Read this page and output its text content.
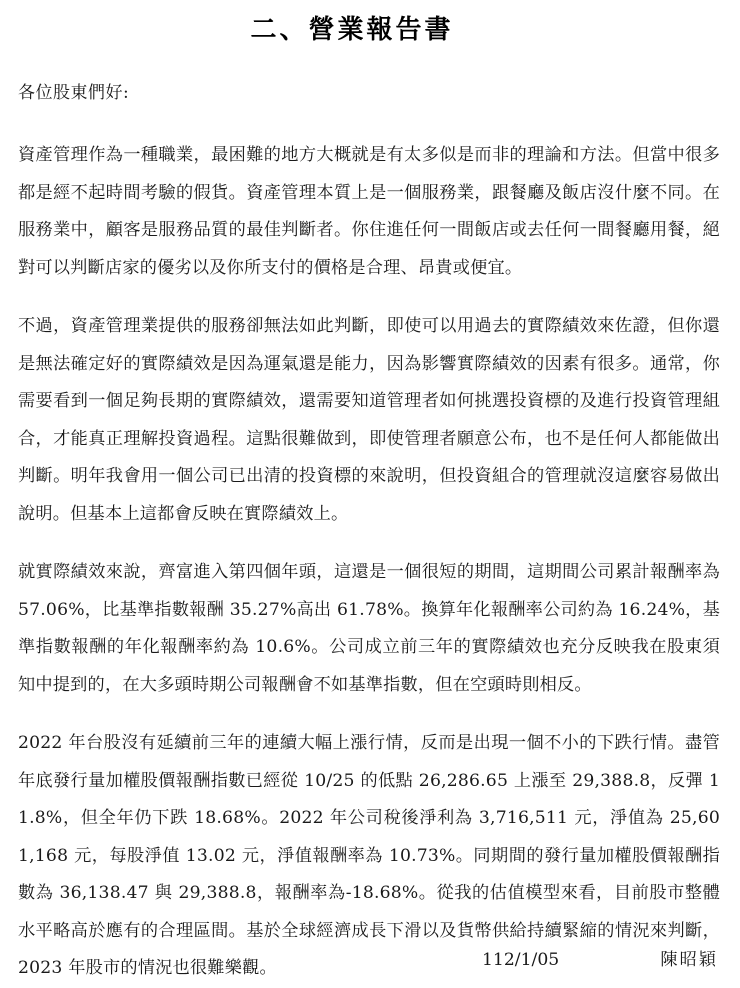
二、營業報告書

各位股東們好:

資產管理作為一種職業，最困難的地方大概就是有太多似是而非的理論和方法。但當中很多都是經不起時間考驗的假貨。資產管理本質上是一個服務業，跟餐廳及飯店沒什麼不同。在服務業中，顧客是服務品質的最佳判斷者。你住進任何一間飯店或去任何一間餐廳用餐，絕對可以判斷店家的優劣以及你所支付的價格是合理、昂貴或便宜。

不過，資產管理業提供的服務卻無法如此判斷，即使可以用過去的實際績效來佐證，但你還是無法確定好的實際績效是因為運氣還是能力，因為影響實際績效的因素有很多。通常，你需要看到一個足夠長期的實際績效，還需要知道管理者如何挑選投資標的及進行投資管理組合，才能真正理解投資過程。這點很難做到，即使管理者願意公布，也不是任何人都能做出判斷。明年我會用一個公司已出清的投資標的來說明，但投資組合的管理就沒這麼容易做出說明。但基本上這都會反映在實際績效上。

就實際績效來說，齊富進入第四個年頭，這還是一個很短的期間，這期間公司累計報酬率為 57.06%，比基準指數報酬 35.27%高出 61.78%。換算年化報酬率公司約為 16.24%，基準指數報酬的年化報酬率約為 10.6%。公司成立前三年的實際績效也充分反映我在股東須知中提到的，在大多頭時期公司報酬會不如基準指數，但在空頭時則相反。

2022 年台股沒有延續前三年的連續大幅上漲行情，反而是出現一個不小的下跌行情。盡管年底發行量加權股價報酬指數已經從 10/25 的低點 26,286.65 上漲至 29,388.8，反彈 11.8%，但全年仍下跌 18.68%。2022 年公司稅後淨利為 3,716,511 元，淨值為 25,601,168 元，每股淨值 13.02 元，淨值報酬率為 10.73%。同期間的發行量加權股價報酬指數為 36,138.47 與 29,388.8，報酬率為-18.68%。從我的估值模型來看，目前股市整體水平略高於應有的合理區間。基於全球經濟成長下滑以及貨幣供給持續緊縮的情況來判斷，2023 年股市的情況也很難樂觀。	112/1/05	陳昭穎
